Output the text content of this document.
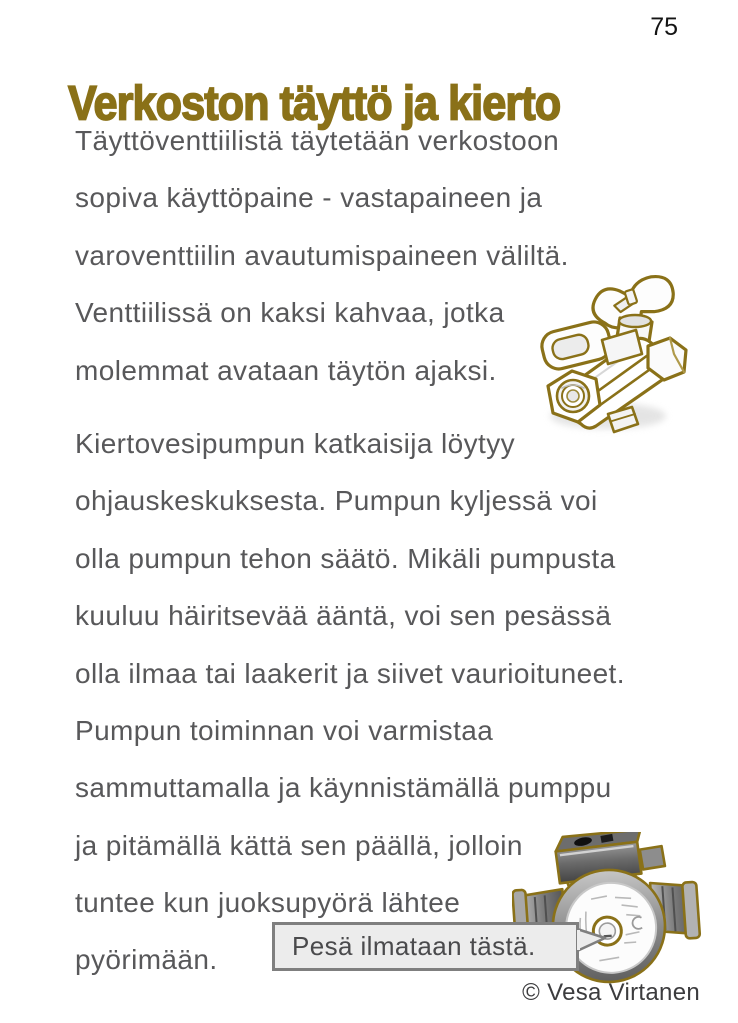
75
Verkoston täyttö ja kierto
Täyttöventtiilistä täytetään verkostoon
sopiva käyttöpaine - vastapaineen ja
varoventtiilin avautumispaineen väliltä.
Venttiilissä on kaksi kahvaa, jotka
molemmat avataan täytön ajaksi.
Kiertovesipumpun katkaisija löytyy
ohjauskeskuksesta. Pumpun kyljessä voi
olla pumpun tehon säätö. Mikäli pumpusta
kuuluu häiritsevää ääntä, voi sen pesässä
olla ilmaa tai laakerit ja siivet vaurioituneet.
Pumpun toiminnan voi varmistaa
sammuttamalla ja käynnistämällä pumppu
ja pitämällä kättä sen päällä, jolloin
tuntee kun juoksupyörä lähtee
pyörimään.	Pesä ilmataan tästä.
© Vesa Virtanen
